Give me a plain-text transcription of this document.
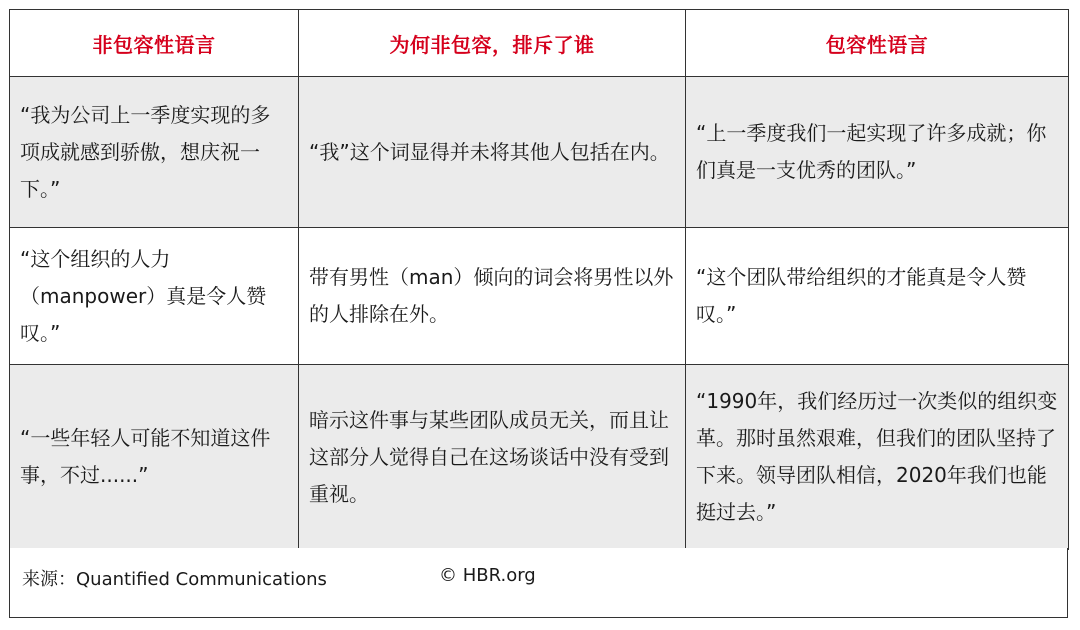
非包容性语言	为何非包容，排斥了谁	包容性语言
“我为公司上一季度实现的多项成就感到骄傲，想庆祝一下。”	“我”这个词显得并未将其他人包括在内。	“上一季度我们一起实现了许多成就；你们真是一支优秀的团队。”
“这个组织的人力（manpower）真是令人赞叹。”	带有男性（man）倾向的词会将男性以外的人排除在外。	“这个团队带给组织的才能真是令人赞叹。”
“一些年轻人可能不知道这件事，不过......”	暗示这件事与某些团队成员无关，而且让这部分人觉得自己在这场谈话中没有受到重视。	“1990年，我们经历过一次类似的组织变革。那时虽然艰难，但我们的团队坚持了下来。领导团队相信，2020年我们也能挺过去。”
来源：Quantified Communications	© HBR.org
